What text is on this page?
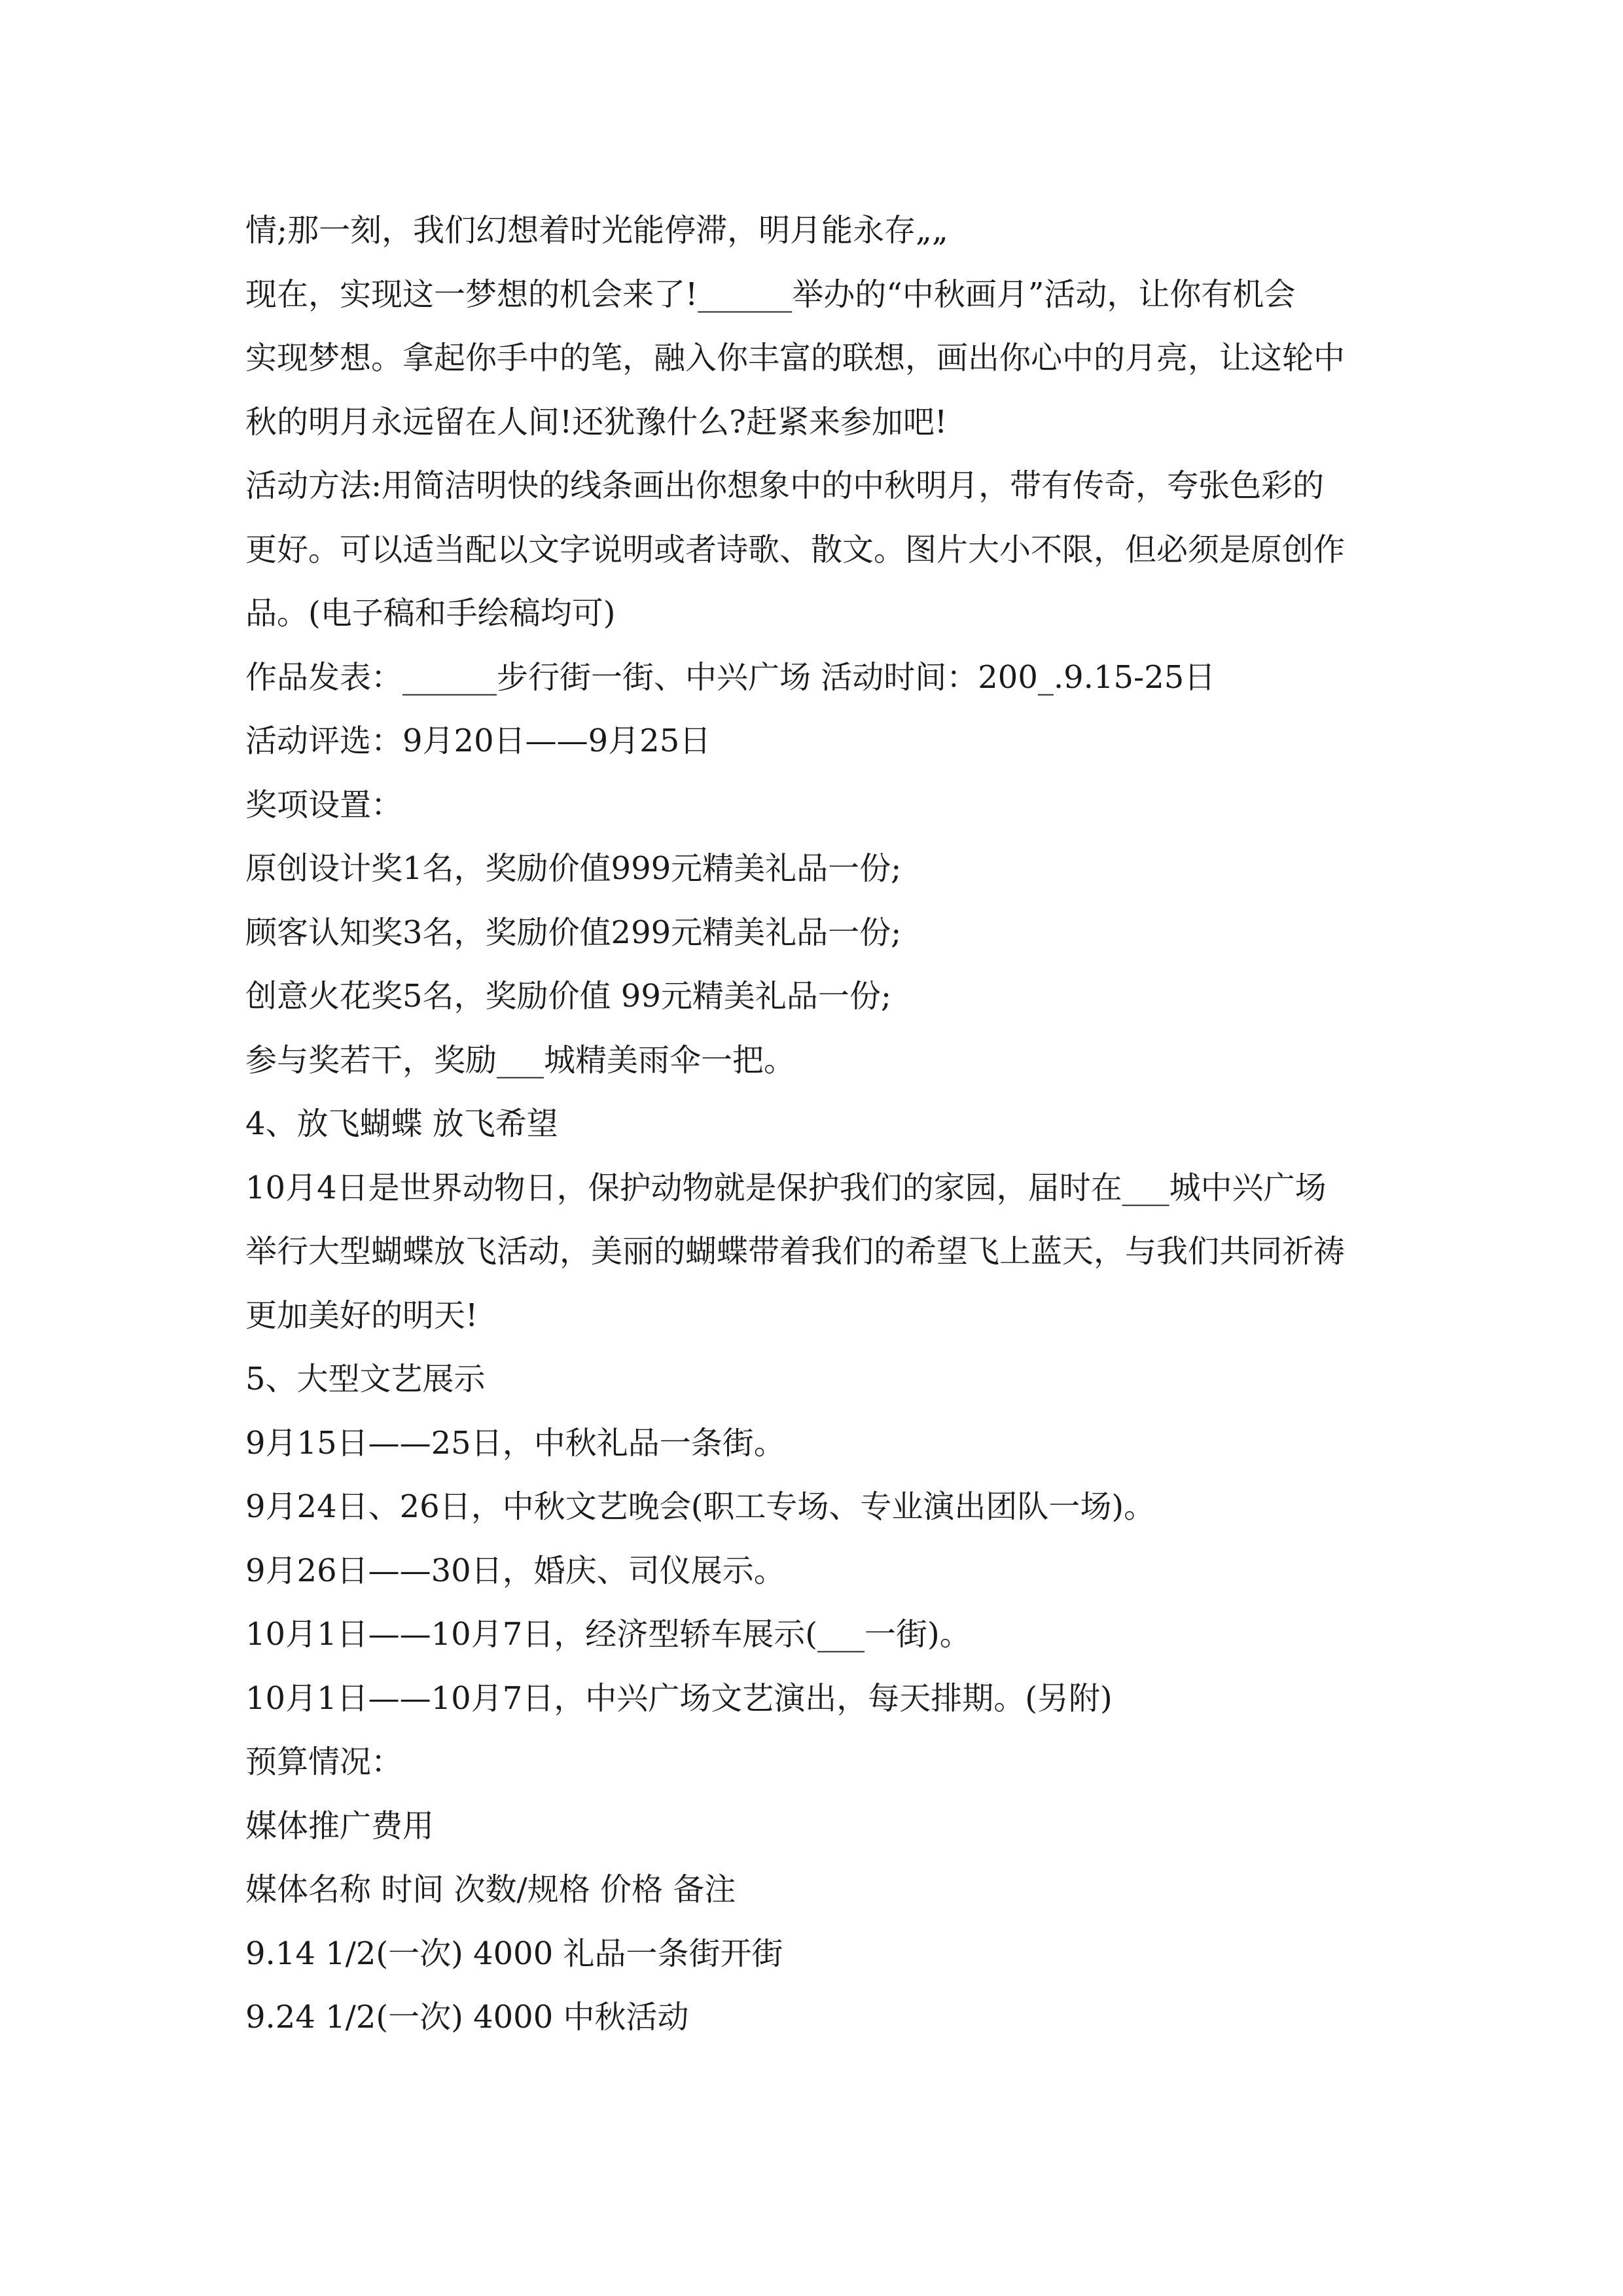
情;那一刻，我们幻想着时光能停滞，明月能永存„„
现在，实现这一梦想的机会来了!______举办的“中秋画月”活动，让你有机会
实现梦想。拿起你手中的笔，融入你丰富的联想，画出你心中的月亮，让这轮中
秋的明月永远留在人间!还犹豫什么?赶紧来参加吧!
活动方法:用简洁明快的线条画出你想象中的中秋明月，带有传奇，夸张色彩的
更好。可以适当配以文字说明或者诗歌、散文。图片大小不限，但必须是原创作
品。(电子稿和手绘稿均可)
作品发表：______步行街一街、中兴广场 活动时间：200_.9.15-25日
活动评选：9月20日——9月25日
奖项设置：
原创设计奖1名，奖励价值999元精美礼品一份;
顾客认知奖3名，奖励价值299元精美礼品一份;
创意火花奖5名，奖励价值 99元精美礼品一份;
参与奖若干，奖励___城精美雨伞一把。
4、放飞蝴蝶 放飞希望
10月4日是世界动物日，保护动物就是保护我们的家园，届时在___城中兴广场
举行大型蝴蝶放飞活动，美丽的蝴蝶带着我们的希望飞上蓝天，与我们共同祈祷
更加美好的明天!
5、大型文艺展示
9月15日——25日，中秋礼品一条街。
9月24日、26日，中秋文艺晚会(职工专场、专业演出团队一场)。
9月26日——30日，婚庆、司仪展示。
10月1日——10月7日，经济型轿车展示(___一街)。
10月1日——10月7日，中兴广场文艺演出，每天排期。(另附)
预算情况：
媒体推广费用
媒体名称 时间 次数/规格 价格 备注
9.14 1/2(一次) 4000 礼品一条街开街
9.24 1/2(一次) 4000 中秋活动
